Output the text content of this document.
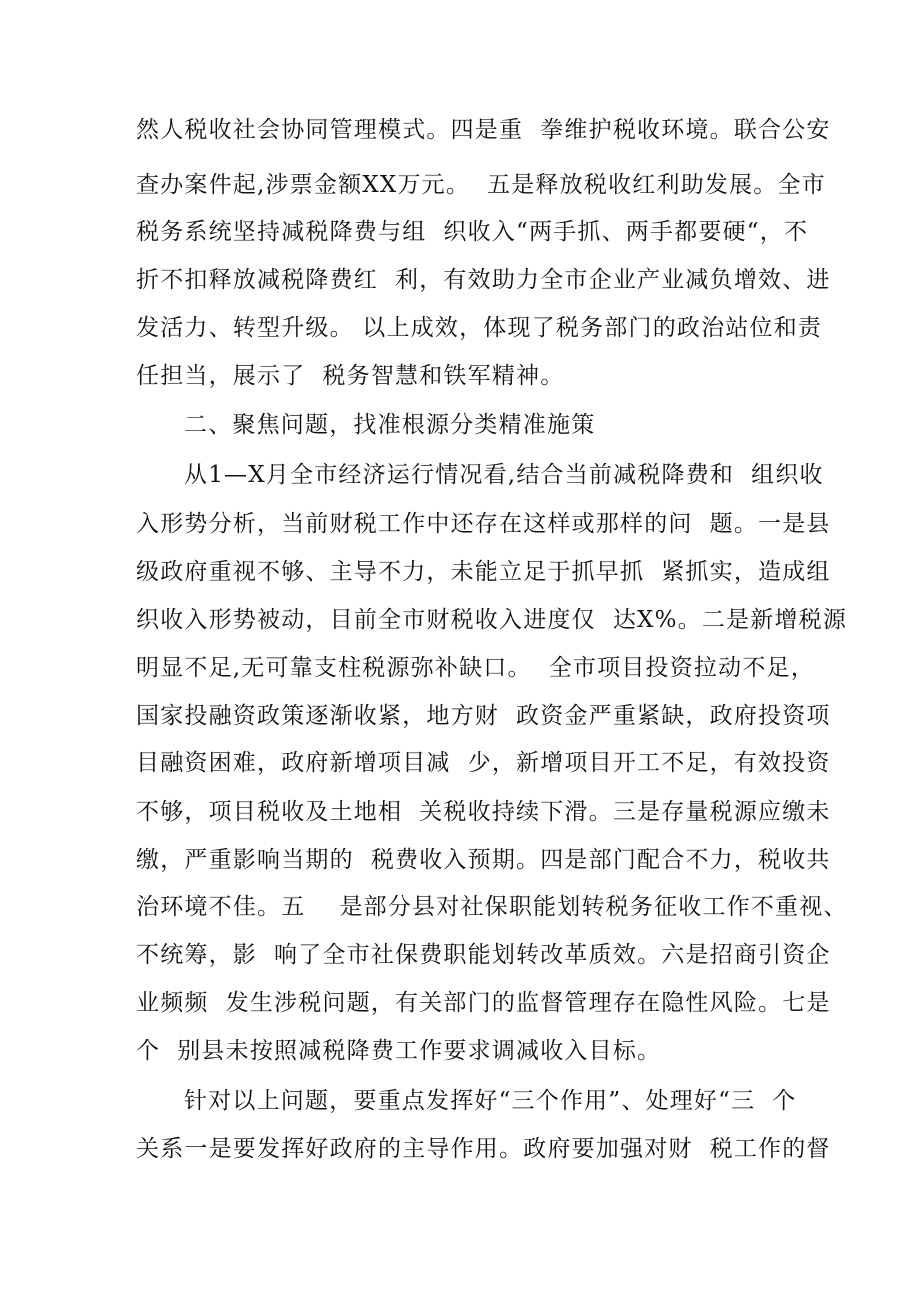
然人税收社会协同管理模式。四是重  拳维护税收环境。联合公安
查办案件起,涉票金额XX万元。  五是释放税收红利助发展。全市
税务系统坚持减税降费与组  织收入“两手抓、两手都要硬“，不
折不扣释放减税降费红  利，有效助力全市企业产业减负增效、进
发活力、转型升级。 以上成效，体现了税务部门的政治站位和责
任担当，展示了  税务智慧和铁军精神。
二、聚焦问题，找准根源分类精准施策
从1—X月全市经济运行情况看,结合当前减税降费和  组织收
入形势分析，当前财税工作中还存在这样或那样的问  题。一是县
级政府重视不够、主导不力，未能立足于抓早抓  紧抓实，造成组
织收入形势被动，目前全市财税收入进度仅  达X%。二是新增税源
明显不足,无可靠支柱税源弥补缺口。  全市项目投资拉动不足，
国家投融资政策逐渐收紧，地方财  政资金严重紧缺，政府投资项
目融资困难，政府新增项目减  少，新增项目开工不足，有效投资
不够，项目税收及土地相  关税收持续下滑。三是存量税源应缴未
缴，严重影响当期的  税费收入预期。四是部门配合不力，税收共
治环境不佳。五    是部分县对社保职能划转税务征收工作不重视、
不统筹，影  响了全市社保费职能划转改革质效。六是招商引资企
业频频  发生涉税问题，有关部门的监督管理存在隐性风险。七是
个  别县未按照减税降费工作要求调减收入目标。
针对以上问题，要重点发挥好“三个作用”、处理好“三  个
关系一是要发挥好政府的主导作用。政府要加强对财  税工作的督
